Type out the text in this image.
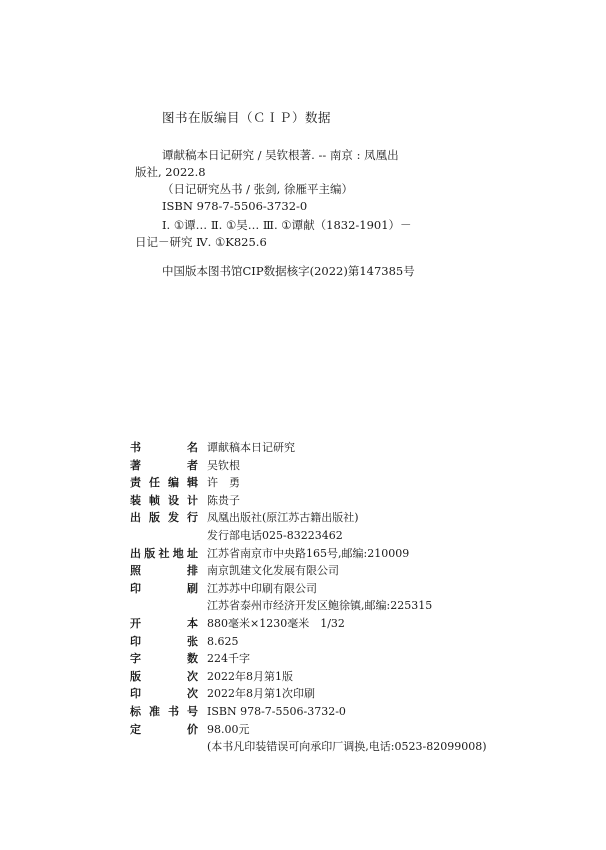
图书在版编目（ＣＩＰ）数据
谭献稿本日记研究 / 吴钦根著. -- 南京 : 凤凰出
版社, 2022.8
（日记研究丛书 / 张剑, 徐雁平主编）
ISBN 978-7-5506-3732-0
Ⅰ. ①谭… Ⅱ. ①吴… Ⅲ. ①谭献（1832-1901）－
日记－研究 Ⅳ. ①K825.6
中国版本图书馆CIP数据核字(2022)第147385号
书	名 谭献稿本日记研究
著	者 吴钦根
责 任 编 辑 许　勇
装 帧 设 计 陈贵子
出 版 发 行 凤凰出版社(原江苏古籍出版社)
发行部电话025-83223462
出 版 社 地 址 江苏省南京市中央路165号,邮编:210009
照	排 南京凯建文化发展有限公司
印	刷 江苏苏中印刷有限公司
江苏省泰州市经济开发区鲍徐镇,邮编:225315
开	本 880毫米×1230毫米　1/32
印	张 8.625
字	数 224千字
版	次 2022年8月第1版
印	次 2022年8月第1次印刷
标 准 书 号 ISBN 978-7-5506-3732-0
定	价 98.00元
(本书凡印装错误可向承印厂调换,电话:0523-82099008)
